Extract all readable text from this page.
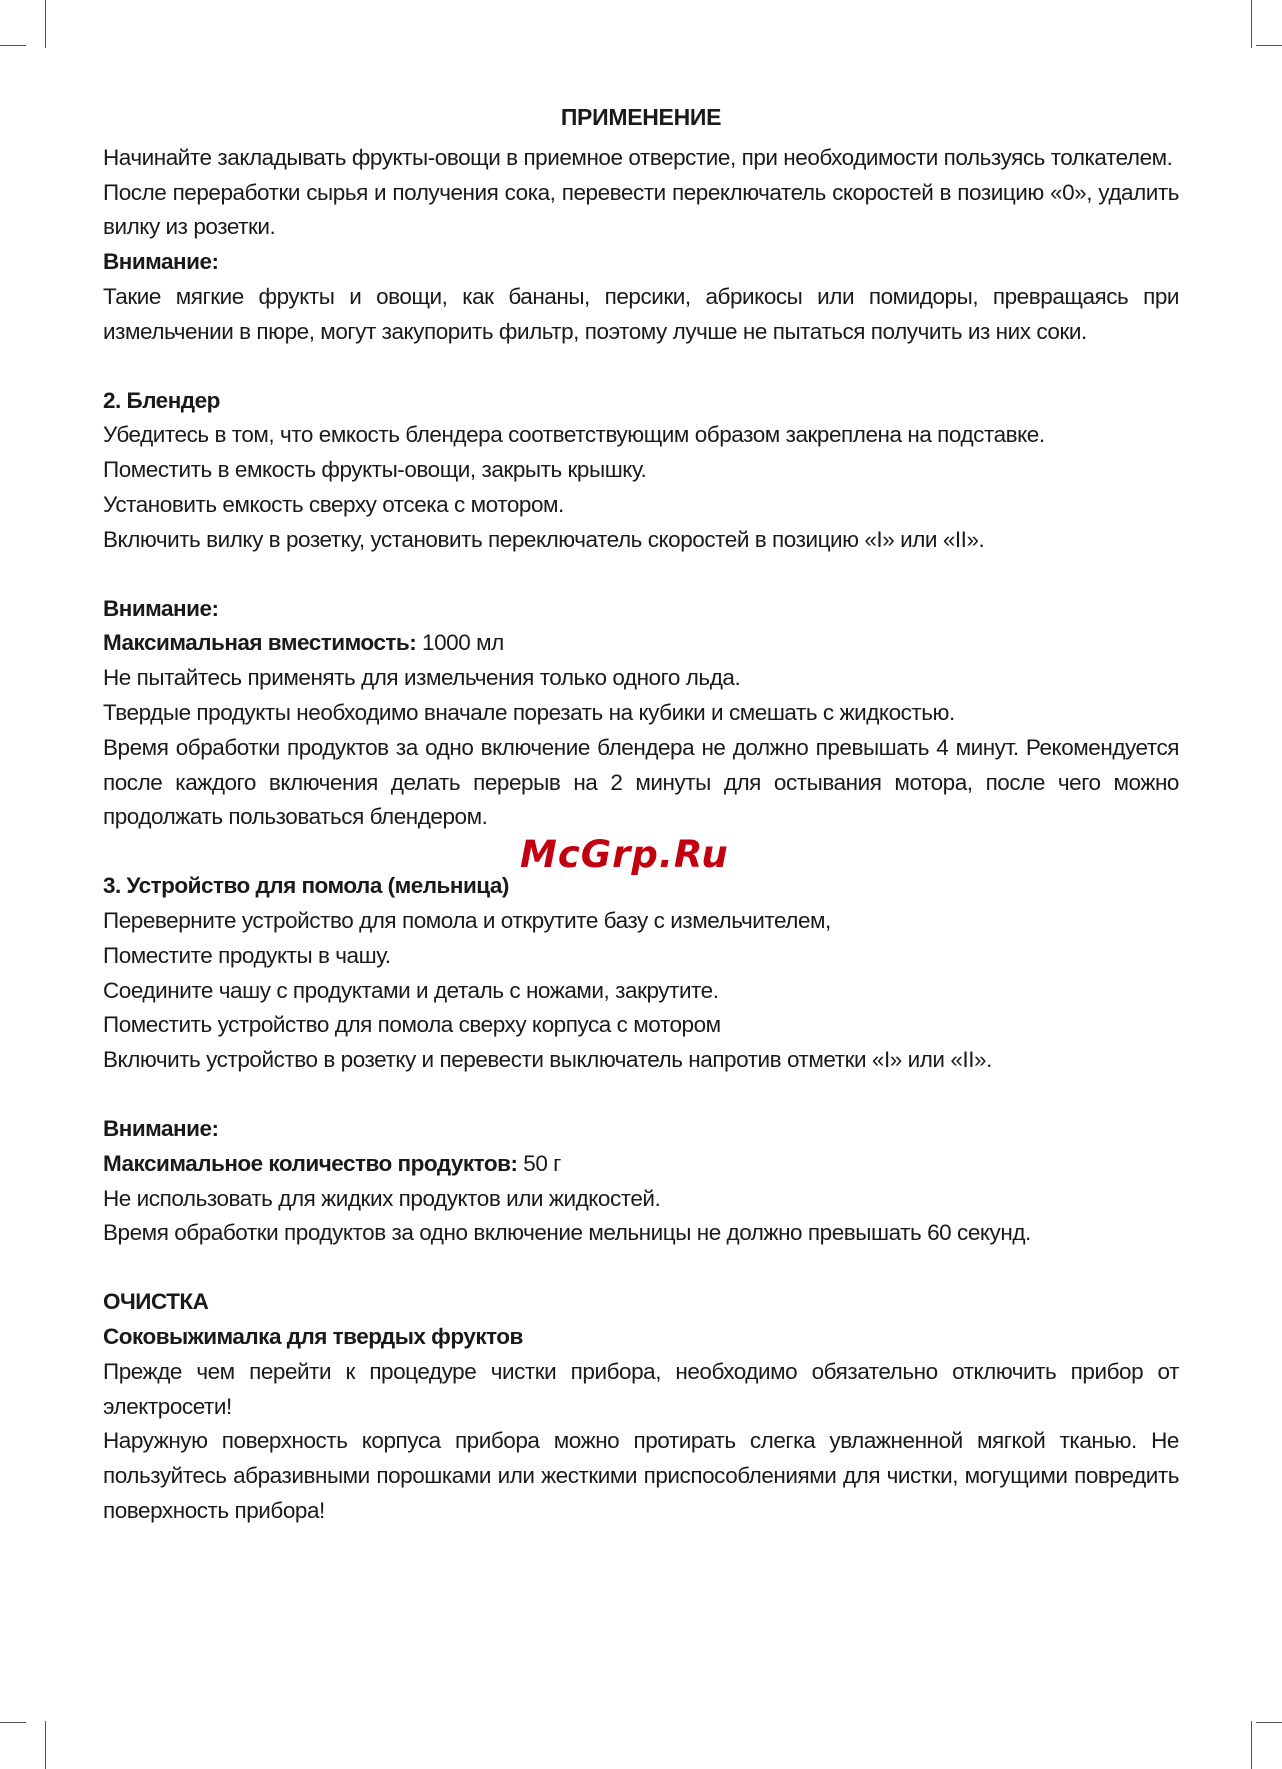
ПРИМЕНЕНИЕ

Начинайте закладывать фрукты-овощи в приемное отверстие, при необходимости пользуясь толкателем.

После переработки сырья и получения сока, перевести переключатель скоростей в позицию «0», удалить вилку из розетки.

Внимание:

Такие мягкие фрукты и овощи, как бананы, персики, абрикосы или помидоры, превращаясь при измельчении в пюре, могут закупорить фильтр, поэтому лучше не пытаться получить из них соки.

2. Блендер

Убедитесь в том, что емкость блендера соответствующим образом закреплена на подставке.

Поместить в емкость фрукты-овощи, закрыть крышку.

Установить емкость сверху отсека с мотором.

Включить вилку в розетку, установить переключатель скоростей в позицию «I» или «II».

Внимание:

Максимальная вместимость: 1000 мл

Не пытайтесь применять для измельчения только одного льда.

Твердые продукты необходимо вначале порезать на кубики и смешать с жидкостью.

Время обработки продуктов за одно включение блендера не должно превышать 4 минут. Рекомендуется после каждого включения делать перерыв на 2 минуты для остывания мотора, после чего можно продолжать пользоваться блендером.

3. Устройство для помола (мельница)

Переверните устройство для помола и открутите базу с измельчителем,

Поместите продукты в чашу.

Соедините чашу с продуктами и деталь с ножами, закрутите.

Поместить устройство для помола сверху корпуса с мотором

Включить устройство в розетку и перевести выключатель напротив отметки «I» или «II».

Внимание:

Максимальное количество продуктов: 50 г

Не использовать для жидких продуктов или жидкостей.

Время обработки продуктов за одно включение мельницы не должно превышать 60 секунд.

ОЧИСТКА

Соковыжималка для твердых фруктов

Прежде чем перейти к процедуре чистки прибора, необходимо обязательно отключить прибор от электросети!

Наружную поверхность корпуса прибора можно протирать слегка увлажненной мягкой тканью. Не пользуйтесь абразивными порошками или жесткими приспособлениями для чистки, могущими повредить поверхность прибора!

McGrp.Ru
